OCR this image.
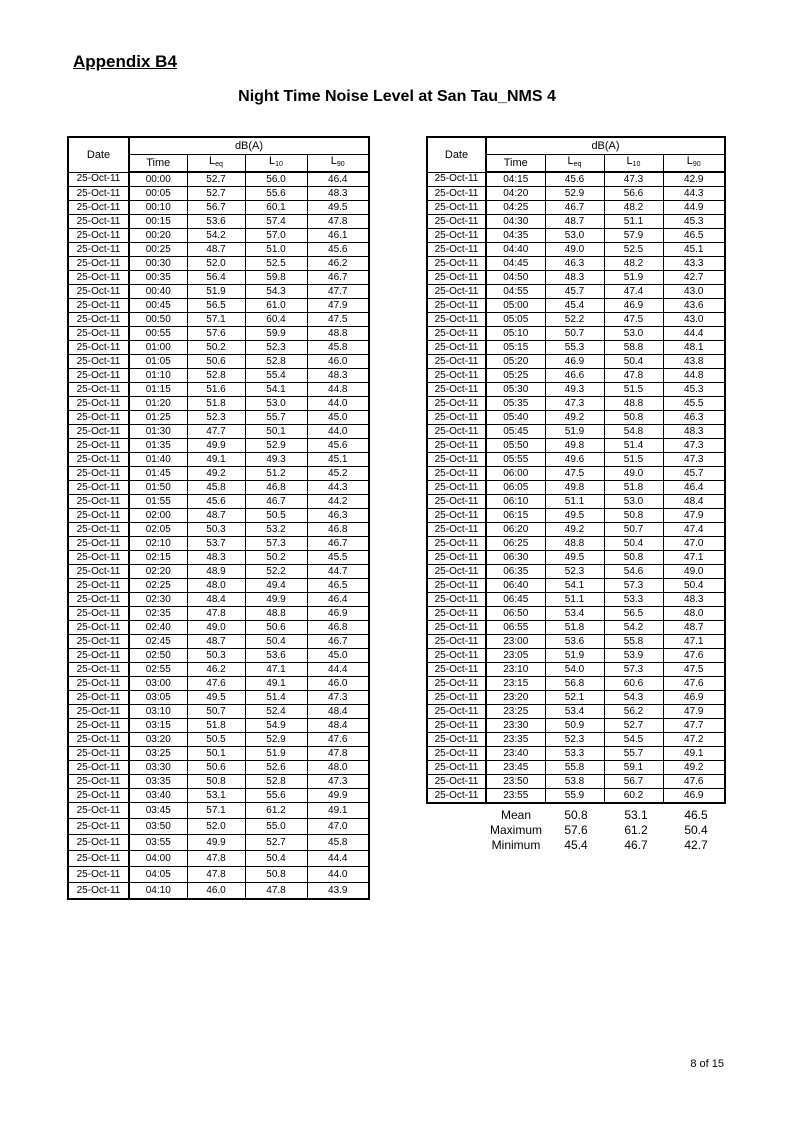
Appendix B4
Night Time Noise Level at San Tau_NMS 4
Date	dB(A)			
	Time	$L_{eq}$	$L_{10}$	$L_{90}$
25-Oct-11	00:00	52.7	56.0	46.4
25-Oct-11	00:05	52.7	55.6	48.3
25-Oct-11	00:10	56.7	60.1	49.5
25-Oct-11	00:15	53.6	57.4	47.8
25-Oct-11	00:20	54.2	57.0	46.1
25-Oct-11	00:25	48.7	51.0	45.6
25-Oct-11	00:30	52.0	52.5	46.2
25-Oct-11	00:35	56.4	59.8	46.7
25-Oct-11	00:40	51.9	54.3	47.7
25-Oct-11	00:45	56.5	61.0	47.9
25-Oct-11	00:50	57.1	60.4	47.5
25-Oct-11	00:55	57.6	59.9	48.8
25-Oct-11	01:00	50.2	52.3	45.8
25-Oct-11	01:05	50.6	52.8	46.0
25-Oct-11	01:10	52.8	55.4	48.3
25-Oct-11	01:15	51.6	54.1	44.8
25-Oct-11	01:20	51.8	53.0	44.0
25-Oct-11	01:25	52.3	55.7	45.0
25-Oct-11	01:30	47.7	50.1	44.0
25-Oct-11	01:35	49.9	52.9	45.6
25-Oct-11	01:40	49.1	49.3	45.1
25-Oct-11	01:45	49.2	51.2	45.2
25-Oct-11	01:50	45.8	46.8	44.3
25-Oct-11	01:55	45.6	46.7	44.2
25-Oct-11	02:00	48.7	50.5	46.3
25-Oct-11	02:05	50.3	53.2	46.8
25-Oct-11	02:10	53.7	57.3	46.7
25-Oct-11	02:15	48.3	50.2	45.5
25-Oct-11	02:20	48.9	52.2	44.7
25-Oct-11	02:25	48.0	49.4	46.5
25-Oct-11	02:30	48.4	49.9	46.4
25-Oct-11	02:35	47.8	48.8	46.9
25-Oct-11	02:40	49.0	50.6	46.8
25-Oct-11	02:45	48.7	50.4	46.7
25-Oct-11	02:50	50.3	53.6	45.0
25-Oct-11	02:55	46.2	47.1	44.4
25-Oct-11	03:00	47.6	49.1	46.0
25-Oct-11	03:05	49.5	51.4	47.3
25-Oct-11	03:10	50.7	52.4	48.4
25-Oct-11	03:15	51.8	54.9	48.4
25-Oct-11	03:20	50.5	52.9	47.6
25-Oct-11	03:25	50.1	51.9	47.8
25-Oct-11	03:30	50.6	52.6	48.0
25-Oct-11	03:35	50.8	52.8	47.3
25-Oct-11	03:40	53.1	55.6	49.9
25-Oct-11	03:45	57.1	61.2	49.1
25-Oct-11	03:50	52.0	55.0	47.0
25-Oct-11	03:55	49.9	52.7	45.8
25-Oct-11	04:00	47.8	50.4	44.4
25-Oct-11	04:05	47.8	50.8	44.0
25-Oct-11	04:10	46.0	47.8	43.9
Date	dB(A)			
	Time	$L_{eq}$	$L_{10}$	$L_{90}$
25-Oct-11	04:15	45.6	47.3	42.9
25-Oct-11	04:20	52.9	56.6	44.3
25-Oct-11	04:25	46.7	48.2	44.9
25-Oct-11	04:30	48.7	51.1	45.3
25-Oct-11	04:35	53.0	57.9	46.5
25-Oct-11	04:40	49.0	52.5	45.1
25-Oct-11	04:45	46.3	48.2	43.3
25-Oct-11	04:50	48.3	51.9	42.7
25-Oct-11	04:55	45.7	47.4	43.0
25-Oct-11	05:00	45.4	46.9	43.6
25-Oct-11	05:05	52.2	47.5	43.0
25-Oct-11	05:10	50.7	53.0	44.4
25-Oct-11	05:15	55.3	58.8	48.1
25-Oct-11	05:20	46.9	50.4	43.8
25-Oct-11	05:25	46.6	47.8	44.8
25-Oct-11	05:30	49.3	51.5	45.3
25-Oct-11	05:35	47.3	48.8	45.5
25-Oct-11	05:40	49.2	50.8	46.3
25-Oct-11	05:45	51.9	54.8	48.3
25-Oct-11	05:50	49.8	51.4	47.3
25-Oct-11	05:55	49.6	51.5	47.3
25-Oct-11	06:00	47.5	49.0	45.7
25-Oct-11	06:05	49.8	51.8	46.4
25-Oct-11	06:10	51.1	53.0	48.4
25-Oct-11	06:15	49.5	50.8	47.9
25-Oct-11	06:20	49.2	50.7	47.4
25-Oct-11	06:25	48.8	50.4	47.0
25-Oct-11	06:30	49.5	50.8	47.1
25-Oct-11	06:35	52.3	54.6	49.0
25-Oct-11	06:40	54.1	57.3	50.4
25-Oct-11	06:45	51.1	53.3	48.3
25-Oct-11	06:50	53.4	56.5	48.0
25-Oct-11	06:55	51.8	54.2	48.7
25-Oct-11	23:00	53.6	55.8	47.1
25-Oct-11	23:05	51.9	53.9	47.6
25-Oct-11	23:10	54.0	57.3	47.5
25-Oct-11	23:15	56.8	60.6	47.6
25-Oct-11	23:20	52.1	54.3	46.9
25-Oct-11	23:25	53.4	56.2	47.9
25-Oct-11	23:30	50.9	52.7	47.7
25-Oct-11	23:35	52.3	54.5	47.2
25-Oct-11	23:40	53.3	55.7	49.1
25-Oct-11	23:45	55.8	59.1	49.2
25-Oct-11	23:50	53.8	56.7	47.6
25-Oct-11	23:55	55.9	60.2	46.9
Mean	50.8	53.1	46.5
Maximum	57.6	61.2	50.4
Minimum	45.4	46.7	42.7
8 of 15
